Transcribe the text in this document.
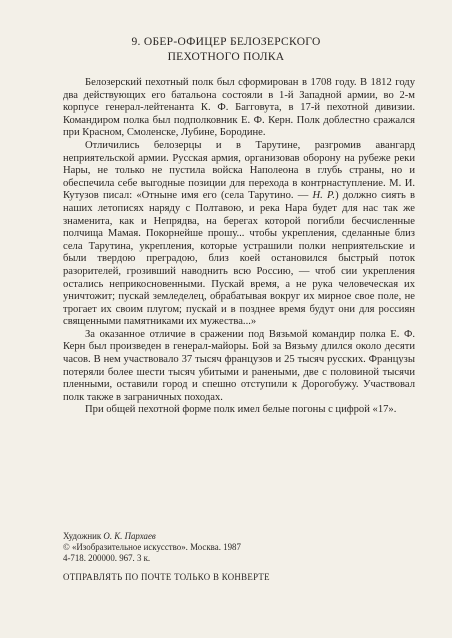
9. ОБЕР-ОФИЦЕР БЕЛОЗЕРСКОГО
ПЕХОТНОГО ПОЛКА

Белозерский пехотный полк был сформирован в 1708 году. В 1812 году два действующих его батальона состояли в 1-й Западной армии, во 2-м корпусе генерал-лейтенанта К. Ф. Багговута, в 17-й пехотной дивизии. Командиром полка был подполковник Е. Ф. Керн. Полк доблестно сражался при Красном, Смоленске, Лубине, Бородине.

Отличились белозерцы и в Тарутине, разгромив авангард неприятельской армии. Русская армия, организовав оборону на рубеже реки Нары, не только не пустила войска Наполеона в глубь страны, но и обеспечила себе выгодные позиции для перехода в контрнаступление. М. И. Кутузов писал: «Отныне имя его (села Тарутино. — Н. Р.) должно сиять в наших летописях наряду с Полтавою, и река Нара будет для нас так же знаменита, как и Непрядва, на берегах которой погибли бесчисленные полчища Мамая. Покорнейше прошу... чтобы укрепления, сделанные близ села Тарутина, укрепления, которые устрашили полки неприятельские и были твердою преградою, близ коей остановился быстрый поток разорителей, грозивший наводнить всю Россию, — чтоб сии укрепления остались неприкосновенными. Пускай время, а не рука человеческая их уничтожит; пускай земледелец, обрабатывая вокруг их мирное свое поле, не трогает их своим плугом; пускай и в позднее время будут они для россиян священными памятниками их мужества...»

За оказанное отличие в сражении под Вязьмой командир полка Е. Ф. Керн был произведен в генерал-майоры. Бой за Вязьму длился около десяти часов. В нем участвовало 37 тысяч французов и 25 тысяч русских. Французы потеряли более шести тысяч убитыми и ранеными, две с половиной тысячи пленными, оставили город и спешно отступили к Дорогобужу. Участвовал полк также в заграничных походах.

При общей пехотной форме полк имел белые погоны с цифрой «17».

Художник О. К. Пархаев
© «Изобразительное искусство». Москва. 1987
4-718. 200000. 967. 3 к.
ОТПРАВЛЯТЬ ПО ПОЧТЕ ТОЛЬКО В КОНВЕРТЕ
